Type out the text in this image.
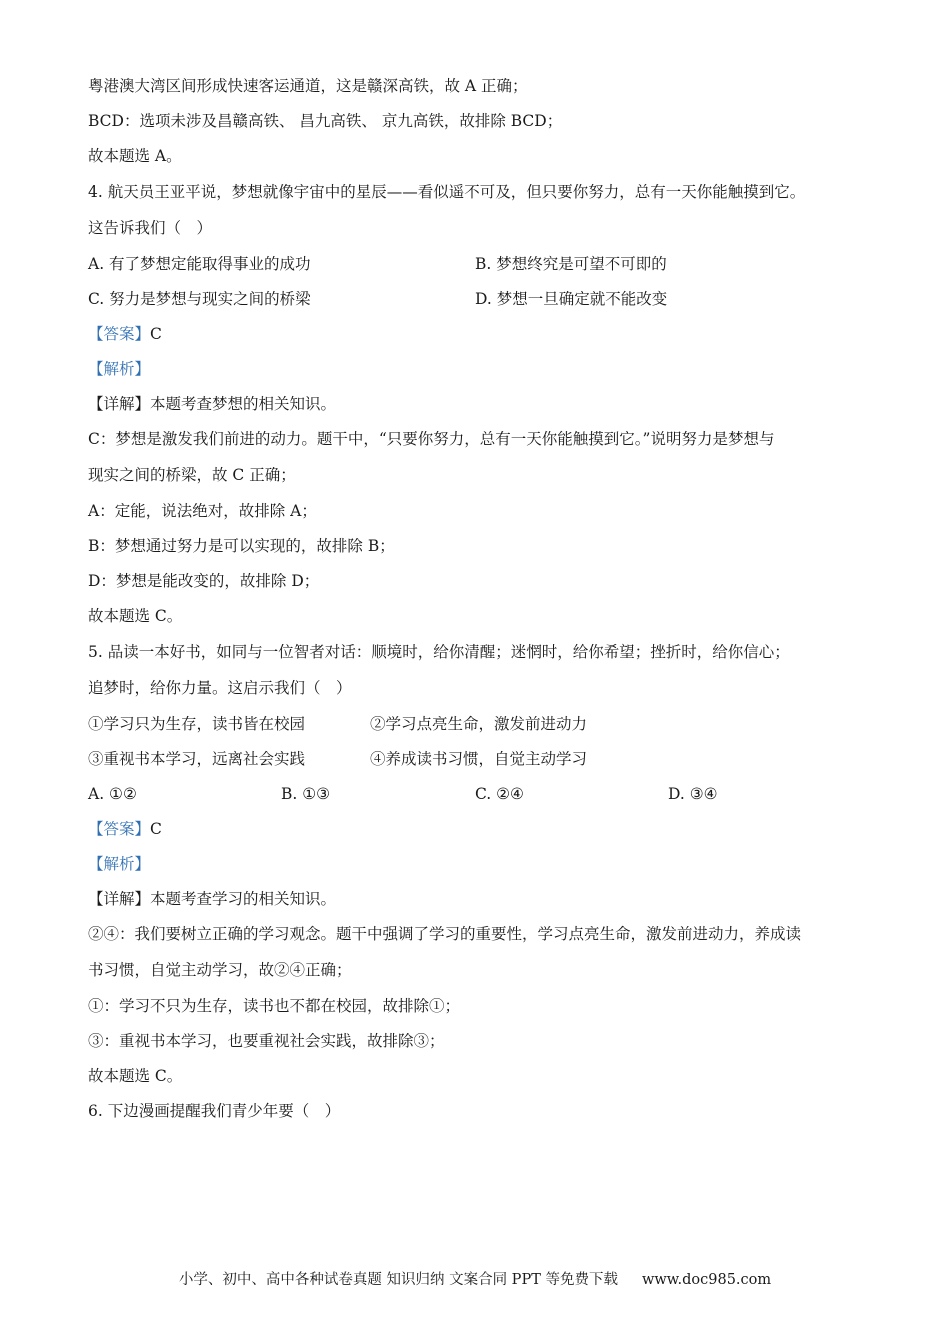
粤港澳大湾区间形成快速客运通道，这是赣深高铁，故 A 正确；
BCD：选项未涉及昌赣高铁、 昌九高铁、 京九高铁，故排除 BCD；
故本题选 A。
4. 航天员王亚平说，梦想就像宇宙中的星辰——看似遥不可及，但只要你努力，总有一天你能触摸到它。
这告诉我们（　）
A. 有了梦想定能取得事业的成功	B. 梦想终究是可望不可即的
C. 努力是梦想与现实之间的桥梁	D. 梦想一旦确定就不能改变
【答案】C
【解析】
【详解】本题考查梦想的相关知识。
C：梦想是激发我们前进的动力。题干中，“只要你努力，总有一天你能触摸到它。”说明努力是梦想与
现实之间的桥梁，故 C 正确；
A：定能，说法绝对，故排除 A；
B：梦想通过努力是可以实现的，故排除 B；
D：梦想是能改变的，故排除 D；
故本题选 C。
5. 品读一本好书，如同与一位智者对话：顺境时，给你清醒；迷惘时，给你希望；挫折时，给你信心；
追梦时，给你力量。这启示我们（　）
①学习只为生存，读书皆在校园	②学习点亮生命，激发前进动力
③重视书本学习，远离社会实践	④养成读书习惯，自觉主动学习
A. ①②	B. ①③	C. ②④	D. ③④
【答案】C
【解析】
【详解】本题考查学习的相关知识。
②④：我们要树立正确的学习观念。题干中强调了学习的重要性，学习点亮生命，激发前进动力，养成读
书习惯，自觉主动学习，故②④正确；
①：学习不只为生存，读书也不都在校园，故排除①；
③：重视书本学习，也要重视社会实践，故排除③；
故本题选 C。
6. 下边漫画提醒我们青少年要（　）
小学、初中、高中各种试卷真题 知识归纳 文案合同 PPT 等免费下载 www.doc985.com
